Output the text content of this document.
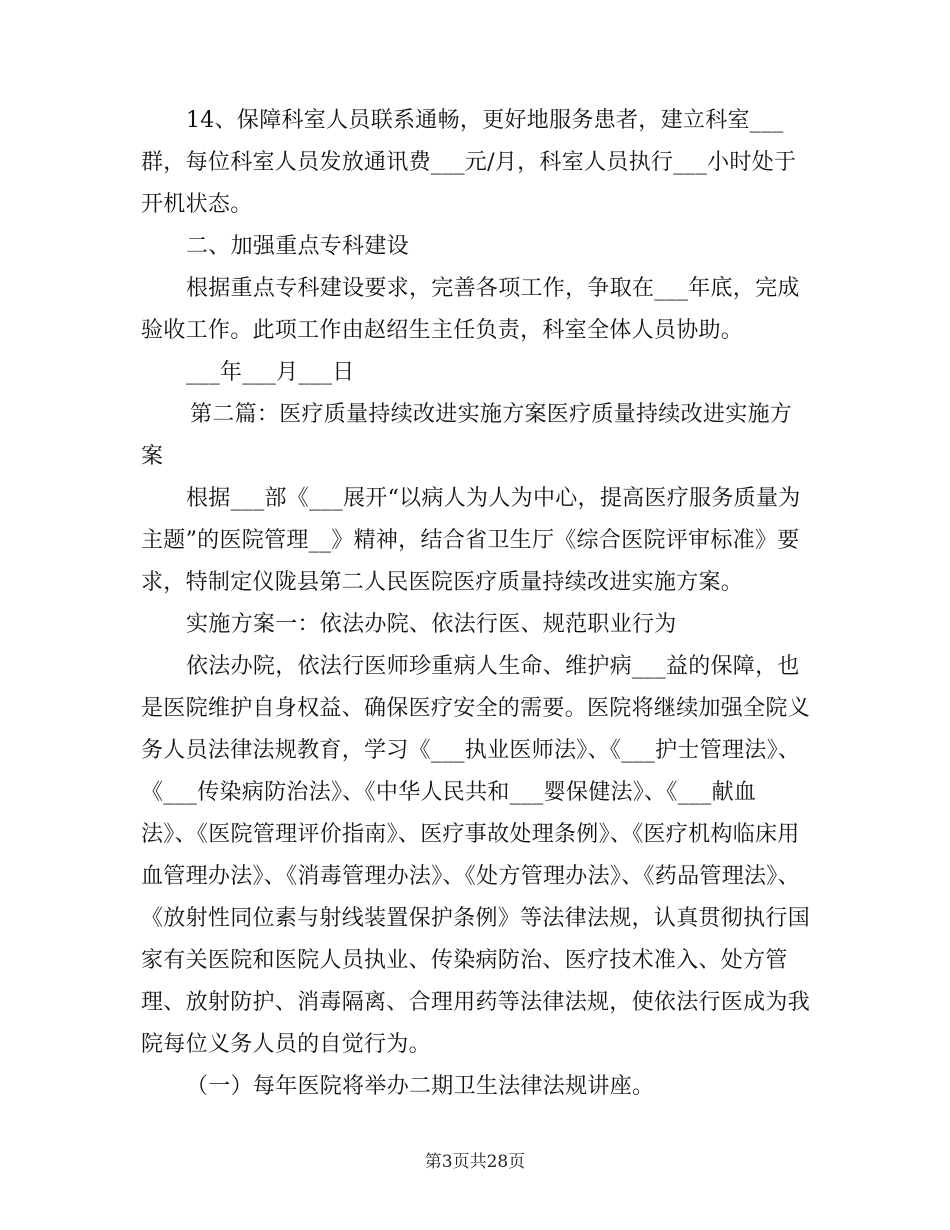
14、保障科室人员联系通畅，更好地服务患者，建立科室___群，每位科室人员发放通讯费___元/月，科室人员执行___小时处于开机状态。

二、加强重点专科建设

根据重点专科建设要求，完善各项工作，争取在___年底，完成验收工作。此项工作由赵绍生主任负责，科室全体人员协助。

___年___月___日

第二篇：医疗质量持续改进实施方案医疗质量持续改进实施方案

根据___部《___展开“以病人为人为中心，提高医疗服务质量为主题”的医院管理__》精神，结合省卫生厅《综合医院评审标准》要求，特制定仪陇县第二人民医院医疗质量持续改进实施方案。

实施方案一：依法办院、依法行医、规范职业行为

依法办院，依法行医师珍重病人生命、维护病___益的保障，也是医院维护自身权益、确保医疗安全的需要。医院将继续加强全院义务人员法律法规教育，学习《___执业医师法》、《___护士管理法》、《___传染病防治法》、《中华人民共和___婴保健法》、《___献血法》、《医院管理评价指南》、医疗事故处理条例》、《医疗机构临床用血管理办法》、《消毒管理办法》、《处方管理办法》、《药品管理法》、《放射性同位素与射线装置保护条例》等法律法规，认真贯彻执行国家有关医院和医院人员执业、传染病防治、医疗技术准入、处方管理、放射防护、消毒隔离、合理用药等法律法规，使依法行医成为我院每位义务人员的自觉行为。

（一）每年医院将举办二期卫生法律法规讲座。

第3页共28页
